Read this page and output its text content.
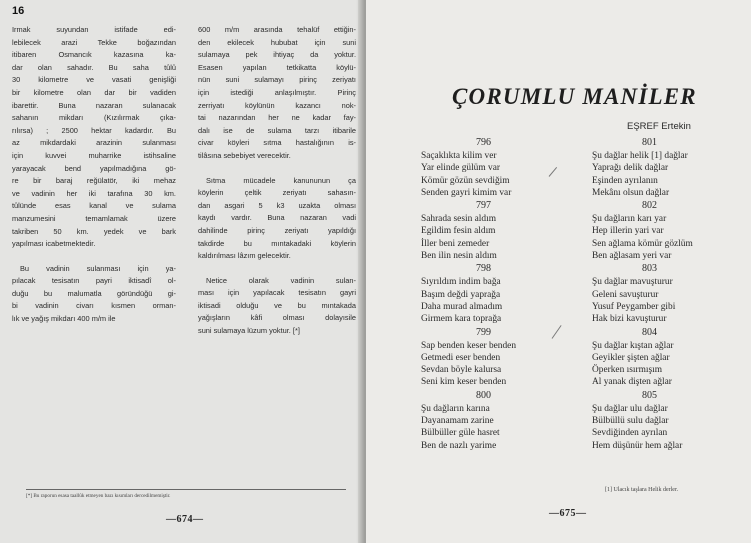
16

Irmak suyundan istifade edi-

lebilecek arazi Tekke boğazından

itibaren Osmancık kazasına ka-

dar olan sahadır. Bu saha tûlû

30 kilometre ve vasati genişliği

bir kilometre olan dar bir vadiden

ibarettir. Buna nazaran sulanacak

sahanın mikdarı (Kızılırmak çıka-

rılırsa) ; 2500 hektar kadardır. Bu

az mikdardaki arazinin sulanması

için kuvvei muharrike istihsaline

yarayacak bend yapılmadığına gö-

re bir baraj reğülatör, iki mehaz

ve vadinin her iki tarafına 30 km.

tûlünde esas kanal ve sulama

manzumesini temamlamak üzere

takriben 50 km. yedek ve bark

yapılması icabetmektedir.

Bu vadinin sulanması için ya-

pılacak tesisatın payri iktisadî ol-

duğu bu malumatla göründüğü gi-

bi vadinin civarı kısmen orman-

lık ve yağış mikdarı 400 m/m ile

600 m/m arasında tehalüf ettiğin-

den ekilecek hububat için suni

sulamaya pek ihtiyaç da yoktur.

Esasen yapılan tetkikatta köylü-

nün suni sulamayı pirinç zeriyatı

için istediği anlaşılmıştır. Pirinç

zerriyatı köylünün kazancı nok-

tai nazarından her ne kadar fay-

dalı ise de sulama tarzı itibarile

civar köyleri sıtma hastalığının is-

tilâsına sebebiyet verecektir.

Sıtma mücadele kanununun ça

köylerin çeltik zeriyatı sahasın-

dan asgari 5 k3 uzakta olması

kaydı vardır. Buna nazaran vadi

dahilinde pirinç zeriyatı yapıldığı

takdirde bu mıntakadaki köylerin

kaldırılması lâzım gelecektir.

Netice olarak vadinin sulan-

ması için yapılacak tesisatın gayri

iktisadi olduğu ve bu mıntakada

yağışların kâfi olması dolayısile

suni sulamaya lüzum yoktur. [*]

[*] Bu raporun esasa taallûk etmeyen bazı kısımları dercedilmemiştir.
—674—
ÇORUMLU MANİLER
EŞREF Ertekin
796
Saçaklıkta kilim ver
Yar elinde gülüm var
Kömür gözün sevdiğim
Senden gayri kimim var
797
Sahrada sesin aldım
Egildim fesin aldım
İller beni zemeder
Ben ilin nesin aldım
798
Sıyrıldım indim bağa
Başım değdi yaprağa
Daha murad almadım
Girmem kara toprağa
799
Sap benden keser benden
Getmedi eser benden
Sevdan böyle kalursa
Seni kim keser benden
800
Şu dağların karına
Dayanamam zarine
Bülbüller güle hasret
Ben de nazlı yarime
801
Şu dağlar helik [1] dağlar
Yaprağı delik dağlar
Eşinden ayrılanın
Mekânı olsun dağlar
802
Şu dağların karı yar
Hep illerin yari var
Sen ağlama kömür gözlüm
Ben ağlasam yeri var
803
Şu dağlar mavuşturur
Geleni savuşturur
Yusuf Peygamber gibi
Hak bizi kavuşturur
804
Şu dağlar kıştan ağlar
Geyikler şişten ağlar
Öperken ısırmışım
Al yanak dişten ağlar
805
Şu dağlar ulu dağlar
Bülbüllü sulu dağlar
Sevdiğinden ayrılan
Hem düşünür hem ağlar
[1] Ulacık taşlara Helik derler.
—675—
